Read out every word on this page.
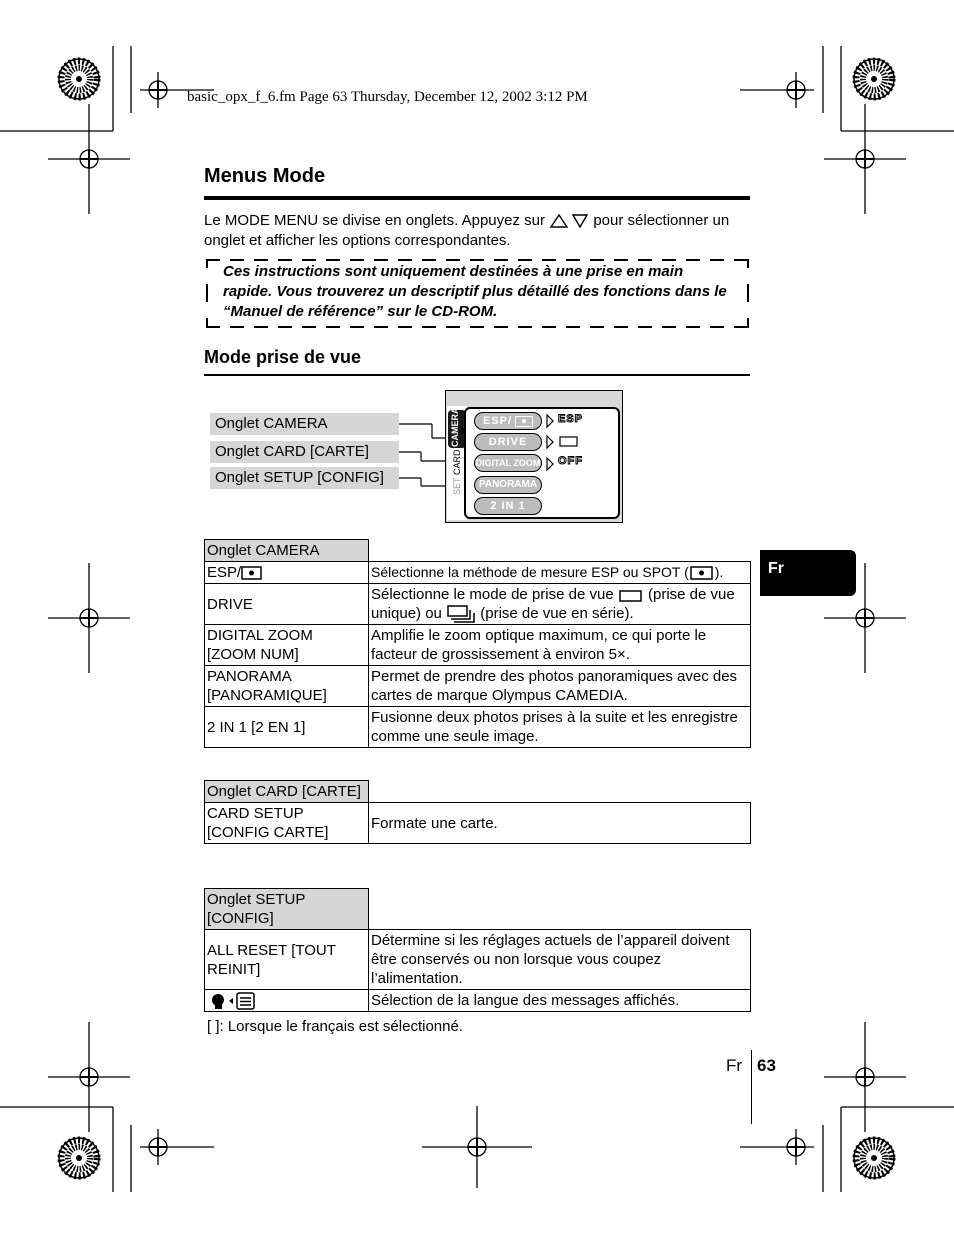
basic_opx_f_6.fm Page 63 Thursday, December 12, 2002 3:12 PM
Menus Mode
Le MODE MENU se divise en onglets. Appuyez sur	pour sélectionner un onglet et afficher les options correspondantes.
Ces instructions sont uniquement destinées à une prise en main rapide. Vous trouverez un descriptif plus détaillé des fonctions dans le “Manuel de référence” sur le CD-ROM.
Mode prise de vue
Onglet CAMERA
Onglet CARD [CARTE]
Onglet SETUP [CONFIG]
CAMERA
CARD
SET
ESP/
DRIVE
DIGITAL ZOOM
PANORAMA
2 IN 1
ESP
OFF
Onglet CAMERA	
ESP/	Sélectionne la méthode de mesure ESP ou SPOT ( ).
DRIVE	Sélectionne le mode de prise de vue  (prise de vue unique) ou  (prise de vue en série).
DIGITAL ZOOM [ZOOM NUM]	Amplifie le zoom optique maximum, ce qui porte le facteur de grossissement à environ 5×.
PANORAMA [PANORAMIQUE]	Permet de prendre des photos panoramiques avec des cartes de marque Olympus CAMEDIA.
2 IN 1 [2 EN 1]	Fusionne deux photos prises à la suite et les enregistre comme une seule image.
Onglet CARD [CARTE]	
CARD SETUP [CONFIG CARTE]	Formate une carte.
Onglet SETUP [CONFIG]	
ALL RESET [TOUT REINIT]	Détermine si les réglages actuels de l’appareil doivent être conservés ou non lorsque vous coupez l’alimentation.
	Sélection de la langue des messages affichés.
[ ]: Lorsque le français est sélectionné.
Fr
Fr 63
